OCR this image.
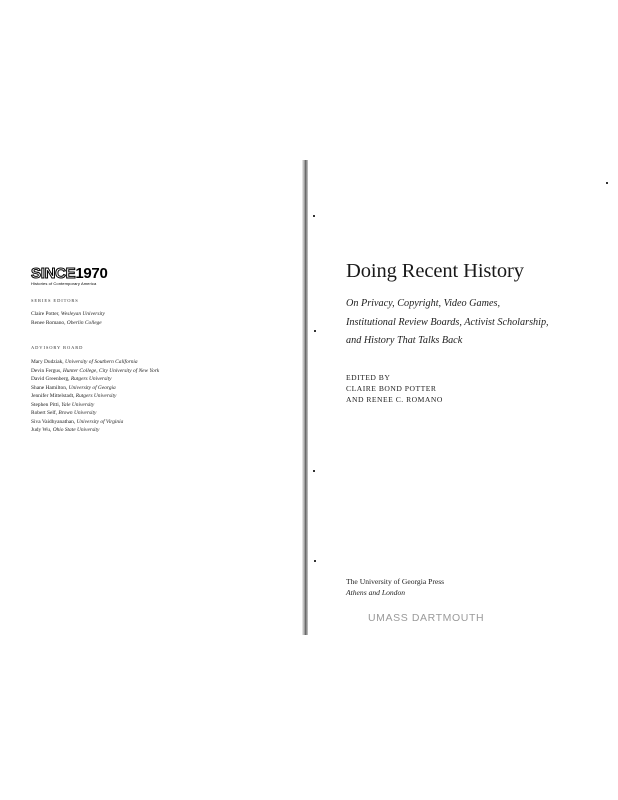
SINCE1970
Histories of Contemporary America
SERIES EDITORS
Claire Potter, Wesleyan University
Renee Romano, Oberlin College
ADVISORY BOARD
Mary Dudziak, University of Southern California
Devin Fergus, Hunter College, City University of New York
David Greenberg, Rutgers University
Shane Hamilton, University of Georgia
Jennifer Mittelstadt, Rutgers University
Stephen Pitti, Yale University
Robert Self, Brown University
Siva Vaidhyanathan, University of Virginia
Judy Wu, Ohio State University
Doing Recent History
On Privacy, Copyright, Video Games,
Institutional Review Boards, Activist Scholarship,
and History That Talks Back
EDITED BY
CLAIRE BOND POTTER
AND RENEE C. ROMANO
The University of Georgia Press
Athens and London
UMASS DARTMOUTH
